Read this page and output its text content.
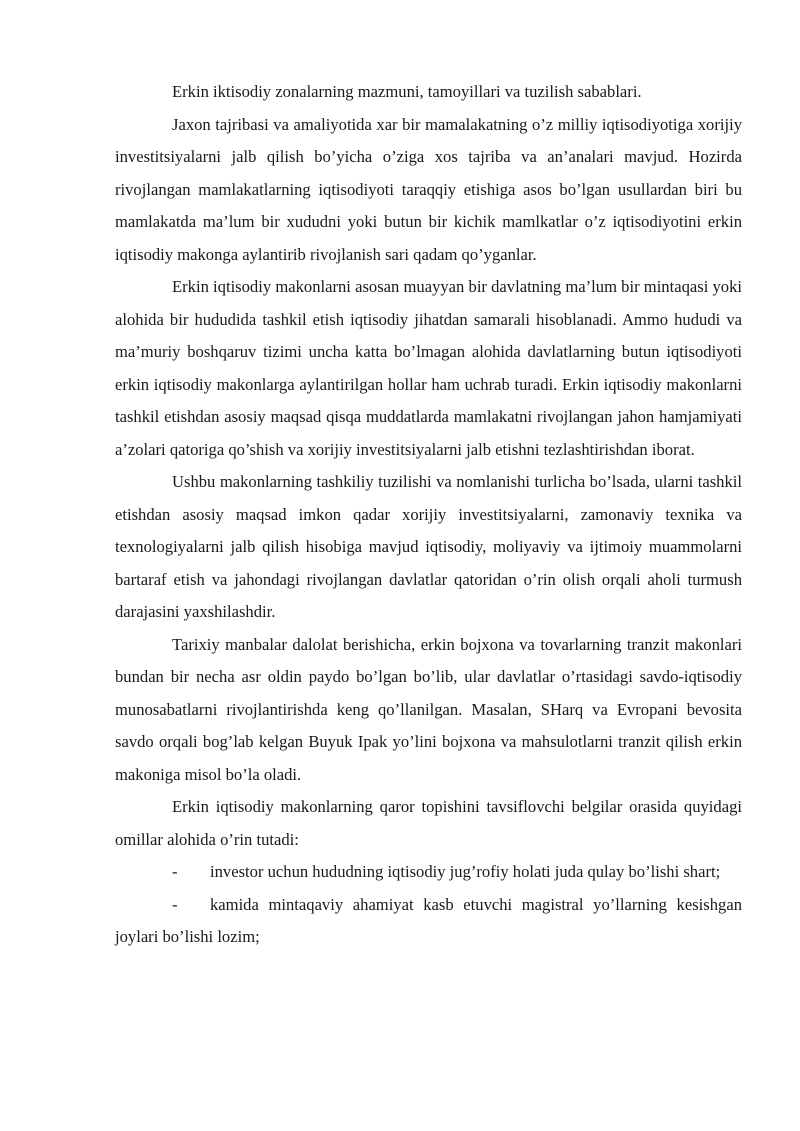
Erkin iktisodiy zonalarning mazmuni, tamoyillari va tuzilish sabablari.

Jaxon tajribasi va amaliyotida xar bir mamalakatning o’z milliy iqtisodiyotiga xorijiy investitsiyalarni jalb qilish bo’yicha o’ziga xos tajriba va an’analari mavjud. Hozirda rivojlangan mamlakatlarning iqtisodiyoti taraqqiy etishiga asos bo’lgan usullardan biri bu mamlakatda ma’lum bir xududni yoki butun bir kichik mamlkatlar o’z iqtisodiyotini erkin iqtisodiy makonga aylantirib rivojlanish sari qadam qo’yganlar.

Erkin iqtisodiy makonlarni asosan muayyan bir davlatning ma’lum bir mintaqasi yoki alohida bir hududida tashkil etish iqtisodiy jihatdan samarali hisoblanadi. Ammo hududi va ma’muriy boshqaruv tizimi uncha katta bo’lmagan alohida davlatlarning butun iqtisodiyoti erkin iqtisodiy makonlarga aylantirilgan hollar ham uchrab turadi. Erkin iqtisodiy makonlarni tashkil etishdan asosiy maqsad qisqa muddatlarda mamlakatni rivojlangan jahon hamjamiyati a’zolari qatoriga qo’shish va xorijiy investitsiyalarni jalb etishni tezlashtirishdan iborat.

Ushbu makonlarning tashkiliy tuzilishi va nomlanishi turlicha bo’lsada, ularni tashkil etishdan asosiy maqsad imkon qadar xorijiy investitsiyalarni, zamonaviy texnika va texnologiyalarni jalb qilish hisobiga mavjud iqtisodiy, moliyaviy va ijtimoiy muammolarni bartaraf etish va jahondagi rivojlangan davlatlar qatoridan o’rin olish orqali aholi turmush darajasini yaxshilashdir.

Tarixiy manbalar dalolat berishicha, erkin bojxona va tovarlarning tranzit makonlari bundan bir necha asr oldin paydo bo’lgan bo’lib, ular davlatlar o’rtasidagi savdo-iqtisodiy munosabatlarni rivojlantirishda keng qo’llanilgan. Masalan, SHarq va Evropani bevosita savdo orqali bog’lab kelgan Buyuk Ipak yo’lini bojxona va mahsulotlarni tranzit qilish erkin makoniga misol bo’la oladi.

Erkin iqtisodiy makonlarning qaror topishini tavsiflovchi belgilar orasida quyidagi omillar alohida o’rin tutadi:

- investor uchun hududning iqtisodiy jug’rofiy holati juda qulay bo’lishi shart;

- kamida mintaqaviy ahamiyat kasb etuvchi magistral yo’llarning kesishgan joylari bo’lishi lozim;
